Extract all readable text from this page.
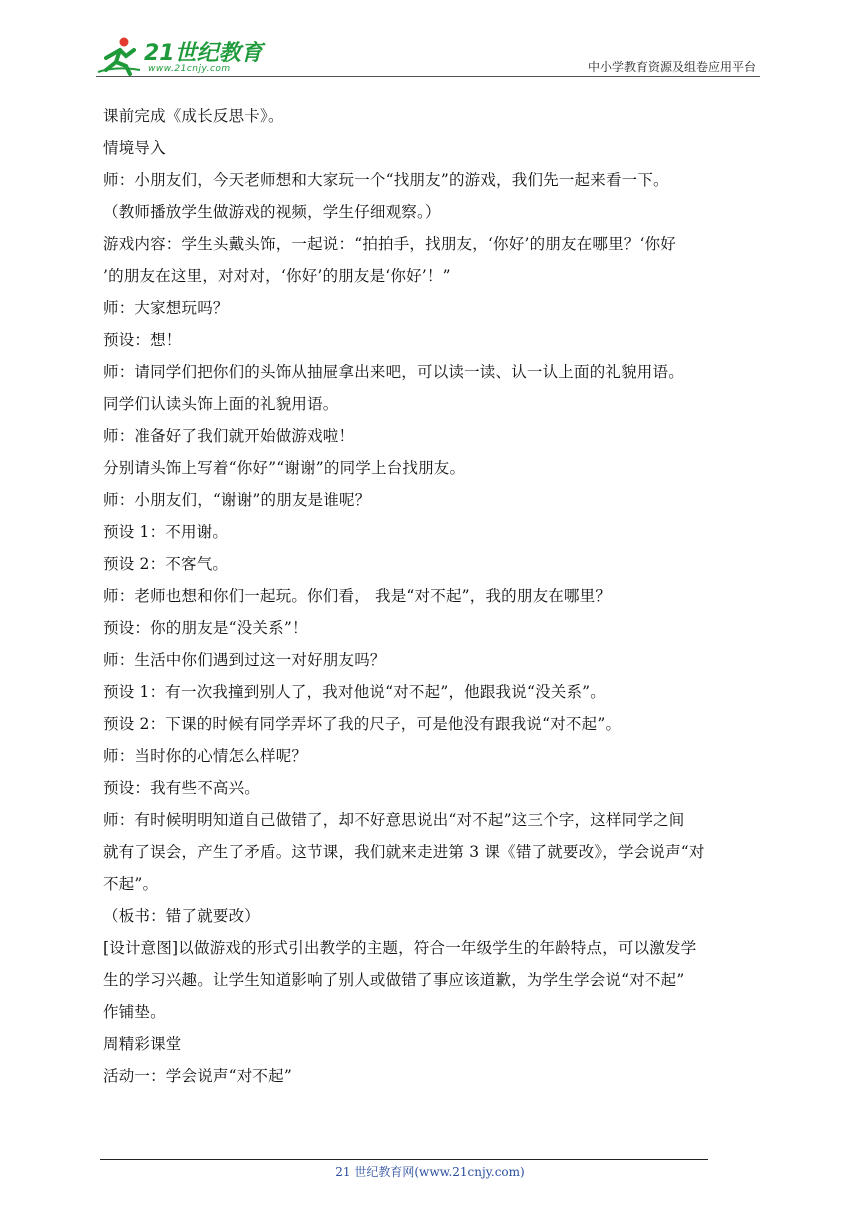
21世纪教育
www.21cnjy.com	中小学教育资源及组卷应用平台
课前完成《成长反思卡》。
情境导入
师：小朋友们，今天老师想和大家玩一个“找朋友”的游戏，我们先一起来看一下。
（教师播放学生做游戏的视频，学生仔细观察。）
游戏内容：学生头戴头饰，一起说：“拍拍手，找朋友，‘你好’的朋友在哪里？‘你好
’的朋友在这里，对对对，‘你好’的朋友是‘你好’！”
师：大家想玩吗？
预设：想！
师：请同学们把你们的头饰从抽屉拿出来吧，可以读一读、认一认上面的礼貌用语。
同学们认读头饰上面的礼貌用语。
师：准备好了我们就开始做游戏啦！
分别请头饰上写着“你好”“谢谢”的同学上台找朋友。
师：小朋友们，“谢谢”的朋友是谁呢？
预设 1：不用谢。
预设 2：不客气。
师：老师也想和你们一起玩。你们看， 我是“对不起”，我的朋友在哪里？
预设：你的朋友是“没关系”！
师：生活中你们遇到过这一对好朋友吗？
预设 1：有一次我撞到别人了，我对他说“对不起”，他跟我说“没关系”。
预设 2：下课的时候有同学弄坏了我的尺子，可是他没有跟我说“对不起”。
师：当时你的心情怎么样呢？
预设：我有些不高兴。
师：有时候明明知道自己做错了，却不好意思说出“对不起”这三个字，这样同学之间
就有了误会，产生了矛盾。这节课，我们就来走进第 3 课《错了就要改》，学会说声“对
不起”。
（板书：错了就要改）
[设计意图]以做游戏的形式引出教学的主题，符合一年级学生的年龄特点，可以激发学
生的学习兴趣。让学生知道影响了别人或做错了事应该道歉，为学生学会说“对不起”
作铺垫。
周精彩课堂
活动一：学会说声“对不起”
21 世纪教育网(www.21cnjy.com)
